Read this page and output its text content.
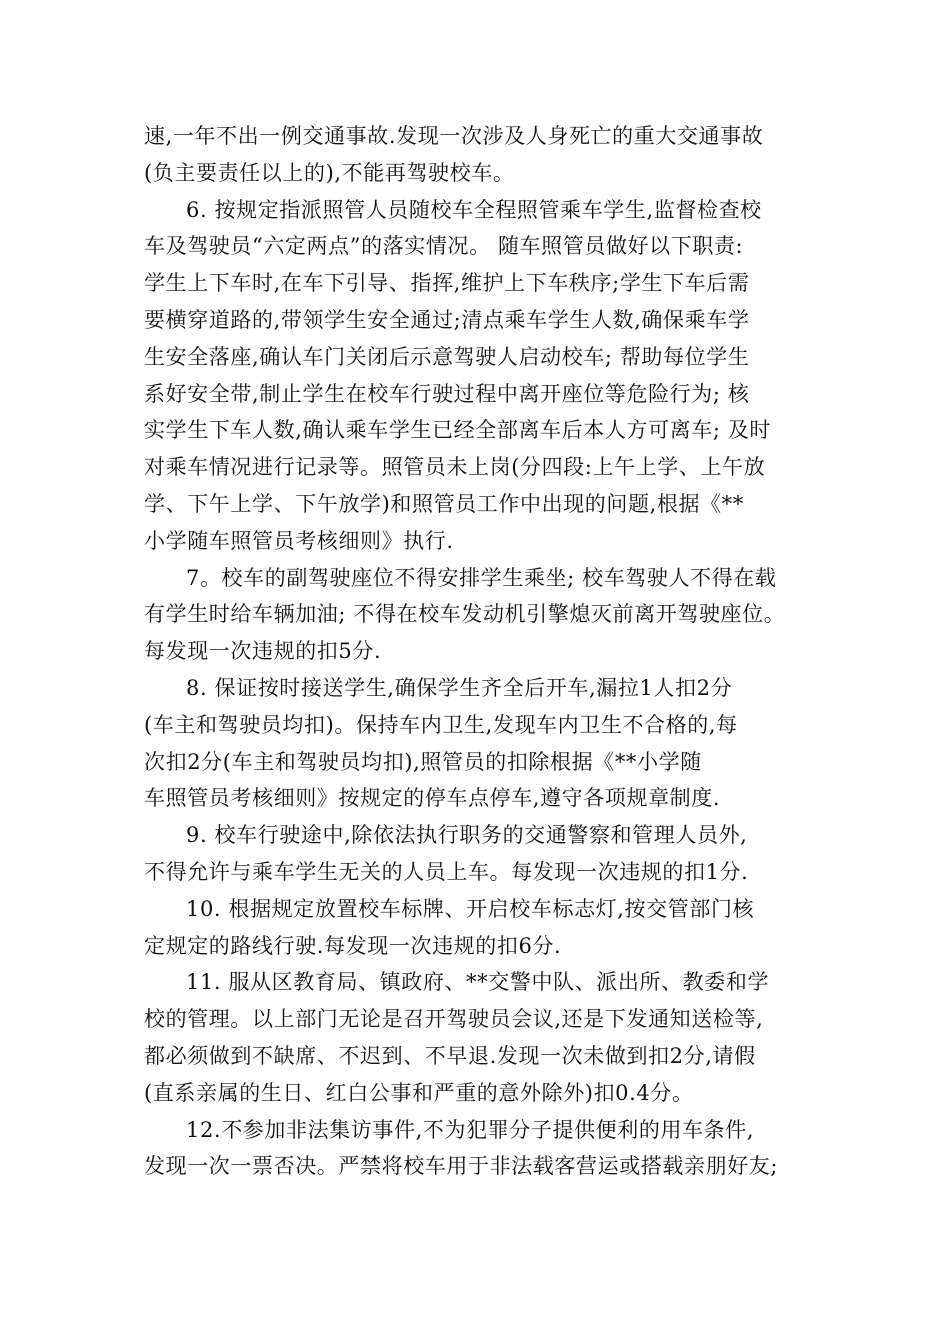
速,一年不出一例交通事故.发现一次涉及人身死亡的重大交通事故
(负主要责任以上的),不能再驾驶校车。
6. 按规定指派照管人员随校车全程照管乘车学生,监督检查校
车及驾驶员“六定两点”的落实情况。 随车照管员做好以下职责:
学生上下车时,在车下引导、指挥,维护上下车秩序;学生下车后需
要横穿道路的,带领学生安全通过;清点乘车学生人数,确保乘车学
生安全落座,确认车门关闭后示意驾驶人启动校车; 帮助每位学生
系好安全带,制止学生在校车行驶过程中离开座位等危险行为; 核
实学生下车人数,确认乘车学生已经全部离车后本人方可离车; 及时
对乘车情况进行记录等。照管员未上岗(分四段:上午上学、上午放
学、下午上学、下午放学)和照管员工作中出现的问题,根据《**
小学随车照管员考核细则》执行.
7。校车的副驾驶座位不得安排学生乘坐; 校车驾驶人不得在载
有学生时给车辆加油; 不得在校车发动机引擎熄灭前离开驾驶座位。
每发现一次违规的扣5分.
8. 保证按时接送学生,确保学生齐全后开车,漏拉1人扣2分
(车主和驾驶员均扣)。保持车内卫生,发现车内卫生不合格的,每
次扣2分(车主和驾驶员均扣),照管员的扣除根据《**小学随
车照管员考核细则》按规定的停车点停车,遵守各项规章制度.
9. 校车行驶途中,除依法执行职务的交通警察和管理人员外,
不得允许与乘车学生无关的人员上车。每发现一次违规的扣1分.
10. 根据规定放置校车标牌、开启校车标志灯,按交管部门核
定规定的路线行驶.每发现一次违规的扣6分.
11. 服从区教育局、镇政府、**交警中队、派出所、教委和学
校的管理。以上部门无论是召开驾驶员会议,还是下发通知送检等,
都必须做到不缺席、不迟到、不早退.发现一次未做到扣2分,请假
(直系亲属的生日、红白公事和严重的意外除外)扣0.4分。
12.不参加非法集访事件,不为犯罪分子提供便利的用车条件,
发现一次一票否决。严禁将校车用于非法载客营运或搭载亲朋好友;
